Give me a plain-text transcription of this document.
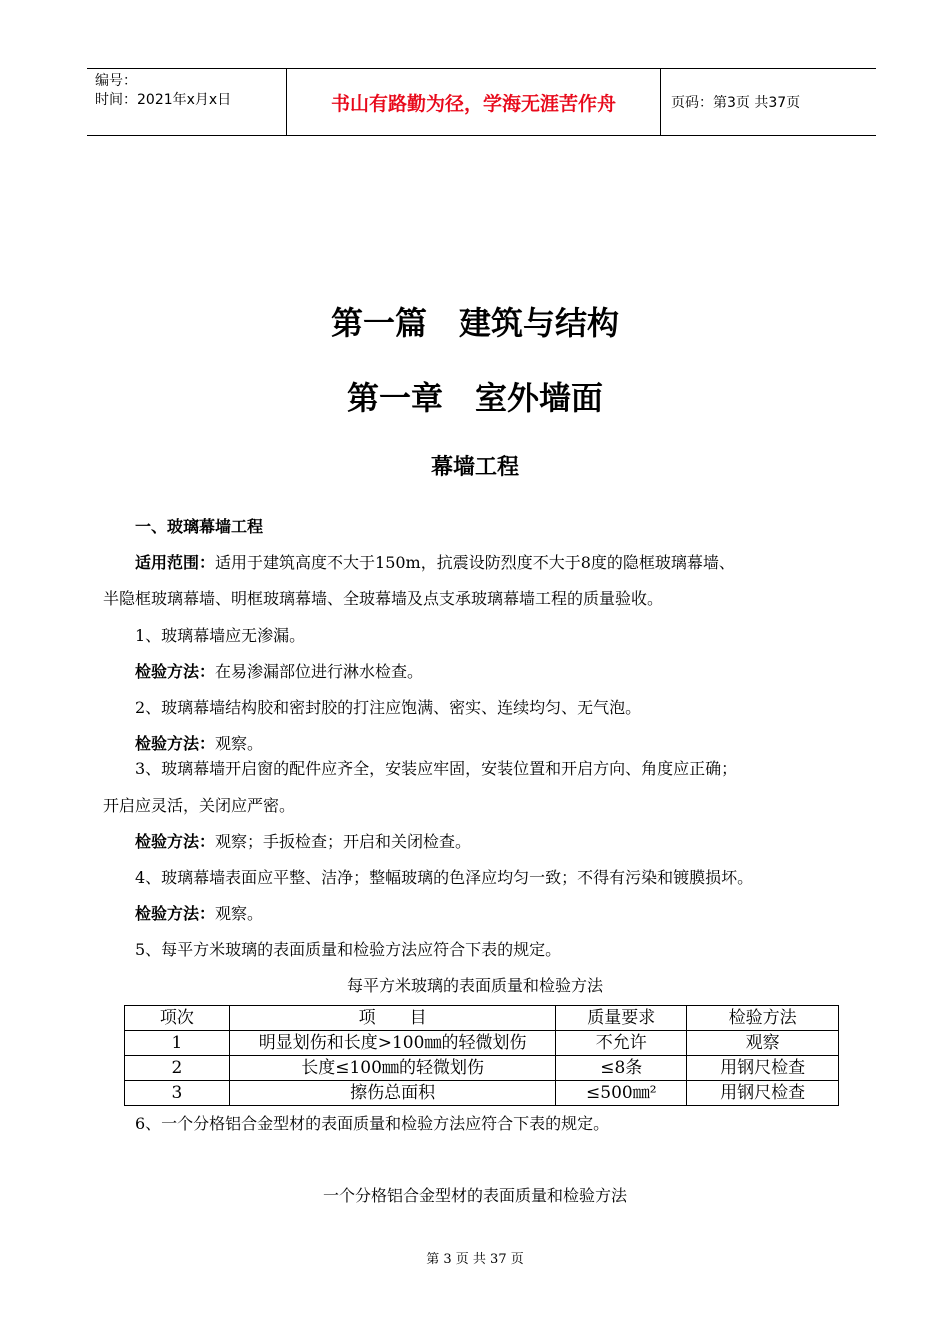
编号：
时间：2021年x月x日	书山有路勤为径，学海无涯苦作舟	页码：第3页 共37页
第一篇　建筑与结构
第一章　室外墙面
幕墙工程
一、玻璃幕墙工程
适用范围：适用于建筑高度不大于150m，抗震设防烈度不大于8度的隐框玻璃幕墙、
半隐框玻璃幕墙、明框玻璃幕墙、全玻幕墙及点支承玻璃幕墙工程的质量验收。
1、玻璃幕墙应无渗漏。
检验方法：在易渗漏部位进行淋水检查。
2、玻璃幕墙结构胶和密封胶的打注应饱满、密实、连续均匀、无气泡。
检验方法：观察。
3、玻璃幕墙开启窗的配件应齐全，安装应牢固，安装位置和开启方向、角度应正确；
开启应灵活，关闭应严密。
检验方法：观察；手扳检查；开启和关闭检查。
4、玻璃幕墙表面应平整、洁净；整幅玻璃的色泽应均匀一致；不得有污染和镀膜损坏。
检验方法：观察。
5、每平方米玻璃的表面质量和检验方法应符合下表的规定。
每平方米玻璃的表面质量和检验方法
项次	项　　目	质量要求	检验方法
1	明显划伤和长度>100㎜的轻微划伤	不允许	观察
2	长度≤100㎜的轻微划伤	≤8条	用钢尺检查
3	擦伤总面积	≤500㎜²	用钢尺检查
6、一个分格铝合金型材的表面质量和检验方法应符合下表的规定。
一个分格铝合金型材的表面质量和检验方法
第 3 页 共 37 页
